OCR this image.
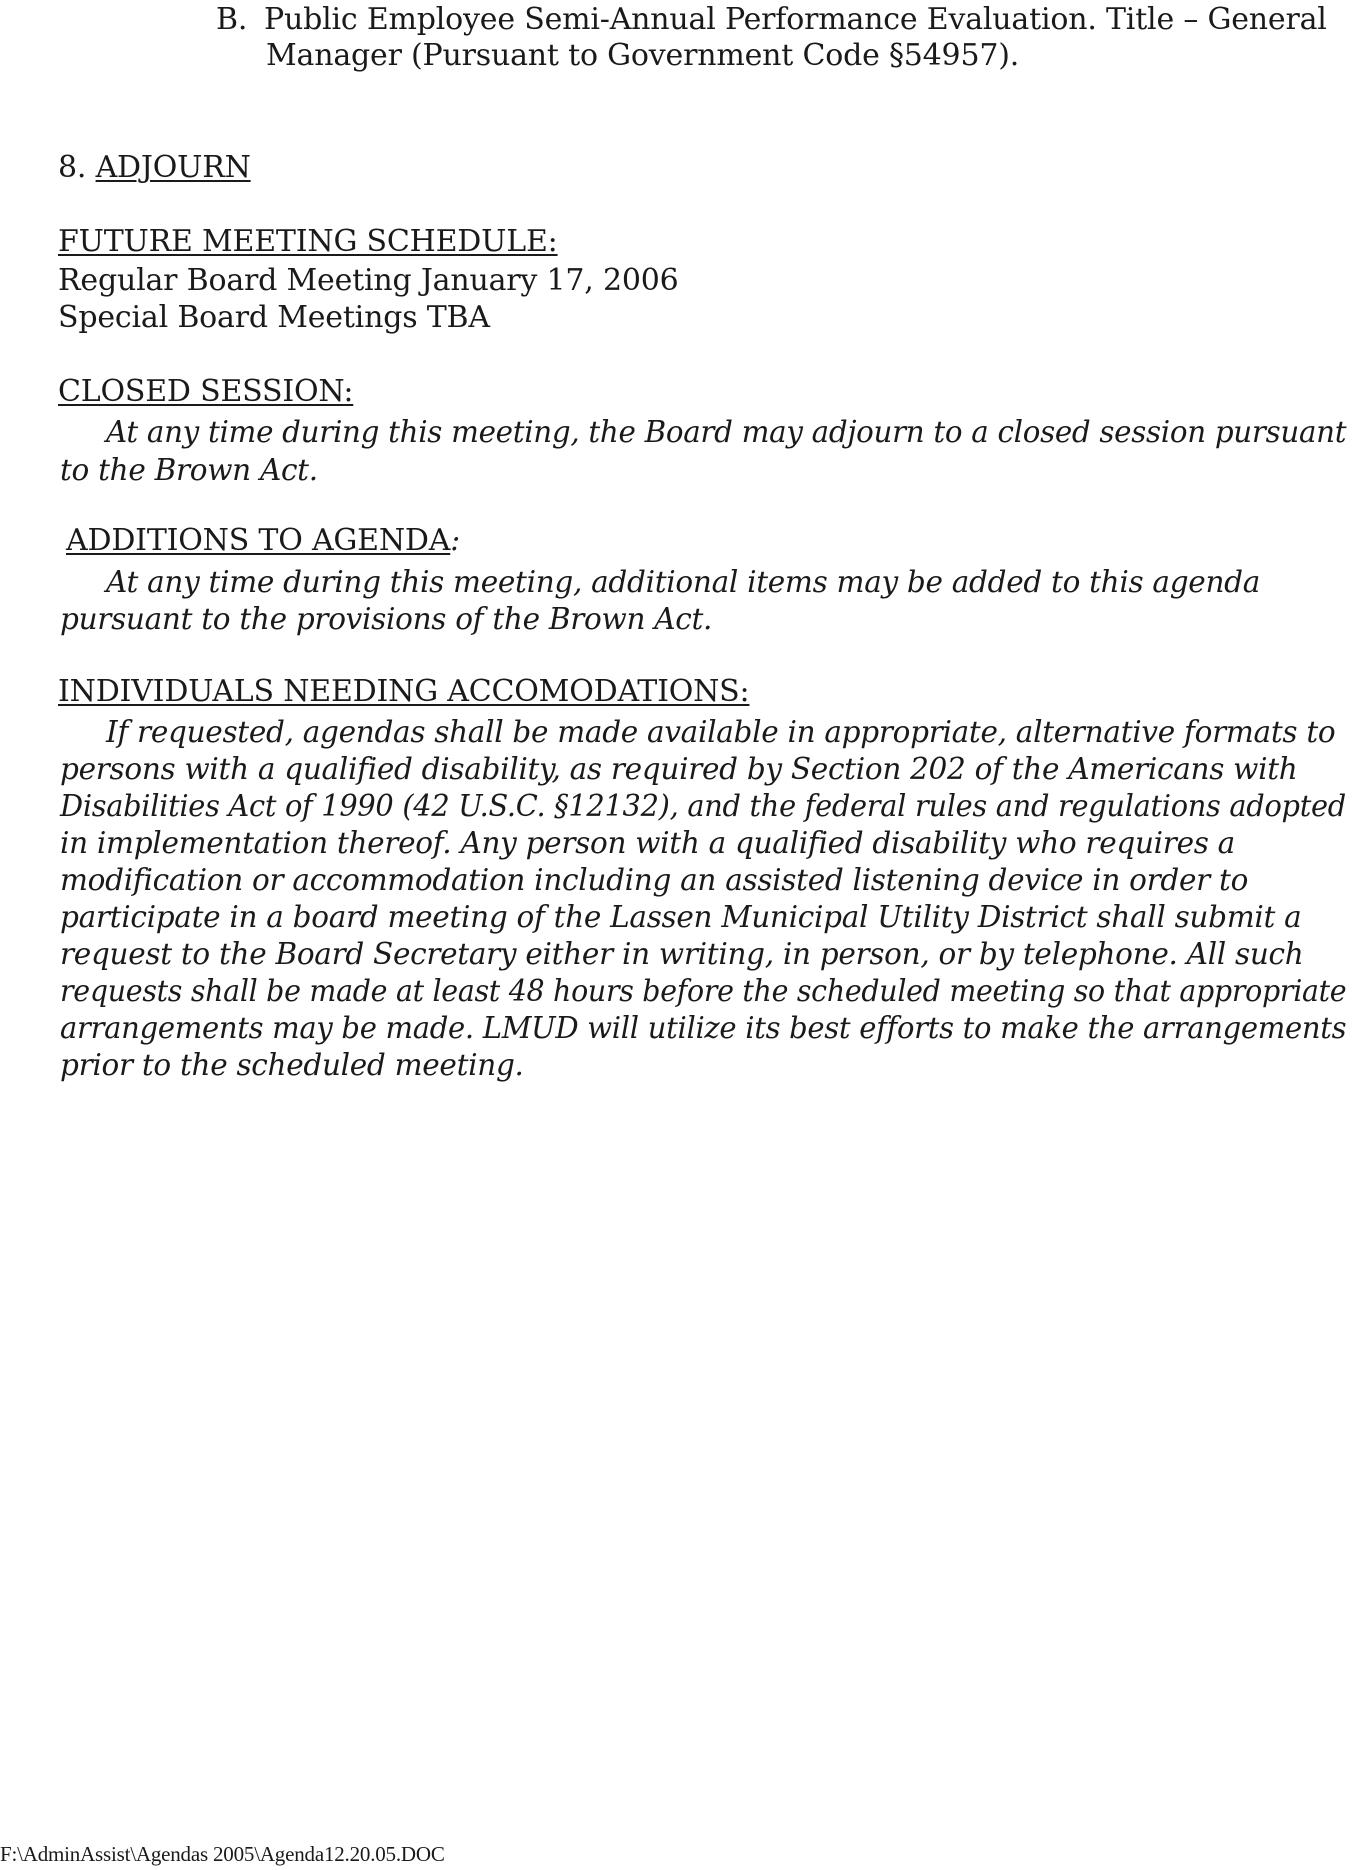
B. Public Employee Semi-Annual Performance Evaluation. Title – General
Manager (Pursuant to Government Code §54957).
8. ADJOURN
FUTURE MEETING SCHEDULE:
Regular Board Meeting January 17, 2006
Special Board Meetings TBA
CLOSED SESSION:
At any time during this meeting, the Board may adjourn to a closed session pursuant
to the Brown Act.
ADDITIONS TO AGENDA:
At any time during this meeting, additional items may be added to this agenda
pursuant to the provisions of the Brown Act.
INDIVIDUALS NEEDING ACCOMODATIONS:
If requested, agendas shall be made available in appropriate, alternative formats to
persons with a qualified disability, as required by Section 202 of the Americans with
Disabilities Act of 1990 (42 U.S.C. §12132), and the federal rules and regulations adopted
in implementation thereof. Any person with a qualified disability who requires a
modification or accommodation including an assisted listening device in order to
participate in a board meeting of the Lassen Municipal Utility District shall submit a
request to the Board Secretary either in writing, in person, or by telephone. All such
requests shall be made at least 48 hours before the scheduled meeting so that appropriate
arrangements may be made. LMUD will utilize its best efforts to make the arrangements
prior to the scheduled meeting.
F:\AdminAssist\Agendas 2005\Agenda12.20.05.DOC
